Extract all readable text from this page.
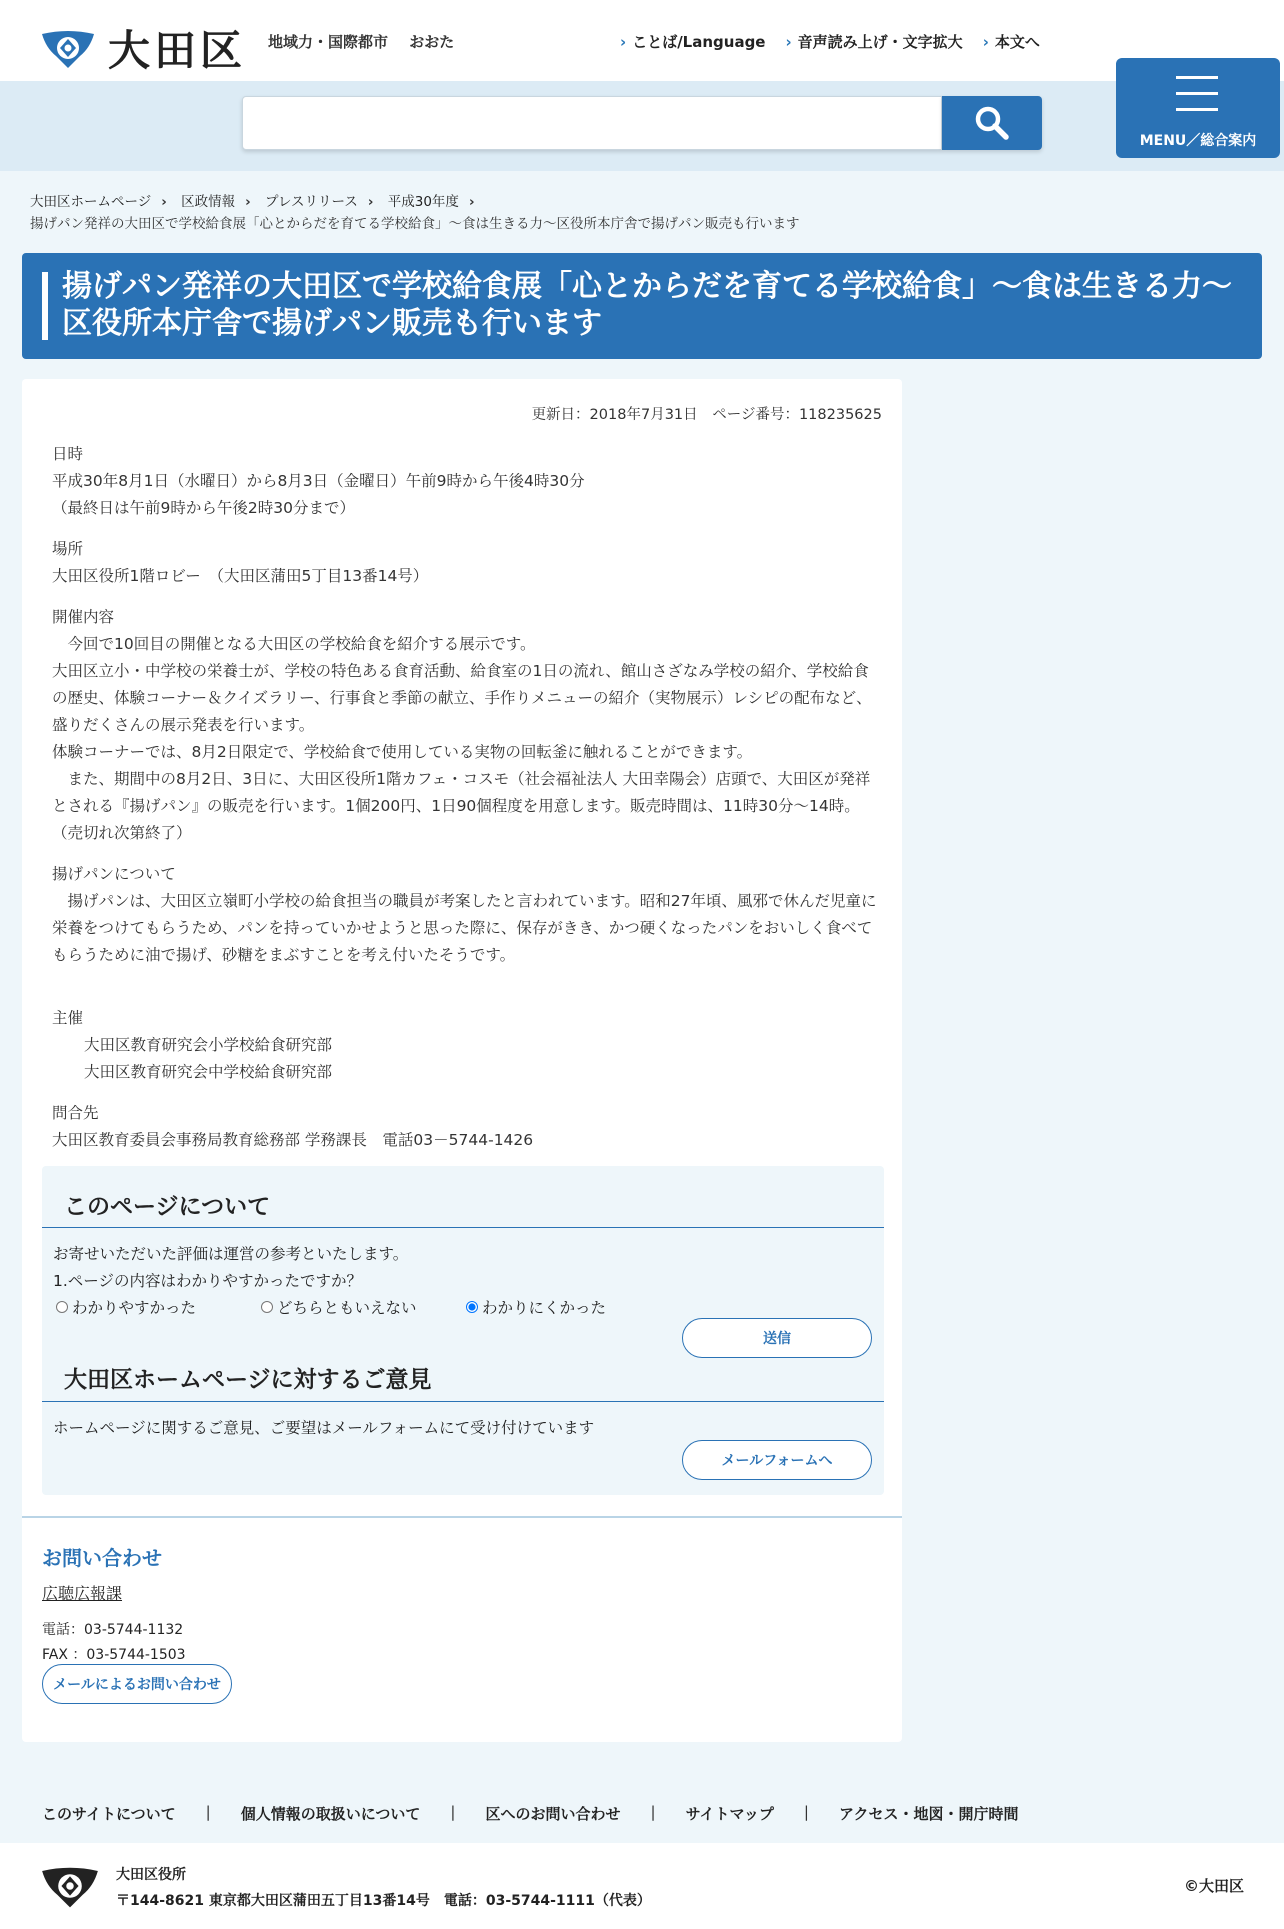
大田区 地域力・国際都市 おおた	› ことば/Language	› 音声読み上げ・文字拡大	› 本文へ
MENU／総合案内
大田区ホームページ › 区政情報 › プレスリリース › 平成30年度 ›
揚げパン発祥の大田区で学校給食展「心とからだを育てる学校給食」～食は生きる力～区役所本庁舎で揚げパン販売も行います
揚げパン発祥の大田区で学校給食展「心とからだを育てる学校給食」～食は生きる力～
区役所本庁舎で揚げパン販売も行います
更新日：2018年7月31日 ページ番号：118235625
日時
平成30年8月1日（水曜日）から8月3日（金曜日）午前9時から午後4時30分
（最終日は午前9時から午後2時30分まで）
場所
大田区役所1階ロビー　（大田区蒲田5丁目13番14号）
開催内容
　今回で10回目の開催となる大田区の学校給食を紹介する展示です。
大田区立小・中学校の栄養士が、学校の特色ある食育活動、給食室の1日の流れ、館山さざなみ学校の紹介、学校給食の歴史、体験コーナー＆クイズラリー、行事食と季節の献立、手作りメニューの紹介（実物展示）レシピの配布など、盛りだくさんの展示発表を行います。
体験コーナーでは、8月2日限定で、学校給食で使用している実物の回転釜に触れることができます。
　また、期間中の8月2日、3日に、大田区役所1階カフェ・コスモ（社会福祉法人 大田幸陽会）店頭で、大田区が発祥とされる『揚げパン』の販売を行います。1個200円、1日90個程度を用意します。販売時間は、11時30分～14時。（売切れ次第終了）
揚げパンについて
　揚げパンは、大田区立嶺町小学校の給食担当の職員が考案したと言われています。昭和27年頃、風邪で休んだ児童に栄養をつけてもらうため、パンを持っていかせようと思った際に、保存がきき、かつ硬くなったパンをおいしく食べてもらうために油で揚げ、砂糖をまぶすことを考え付いたそうです。
主催
大田区教育研究会小学校給食研究部
大田区教育研究会中学校給食研究部
問合先
大田区教育委員会事務局教育総務部 学務課長　電話03－5744-1426
このページについて
お寄せいただいた評価は運営の参考といたします。
1.ページの内容はわかりやすかったですか？
わかりやすかった	どちらともいえない	わかりにくかった
送信
大田区ホームページに対するご意見
ホームページに関するご意見、ご要望はメールフォームにて受け付けています
メールフォームへ
お問い合わせ
広聴広報課
電話：03-5744-1132
FAX ：03-5744-1503
メールによるお問い合わせ
このサイトについて | 個人情報の取扱いについて | 区へのお問い合わせ | サイトマップ | アクセス・地図・開庁時間
大田区役所
〒144-8621 東京都大田区蒲田五丁目13番14号　電話：03-5744-1111（代表）
©大田区
